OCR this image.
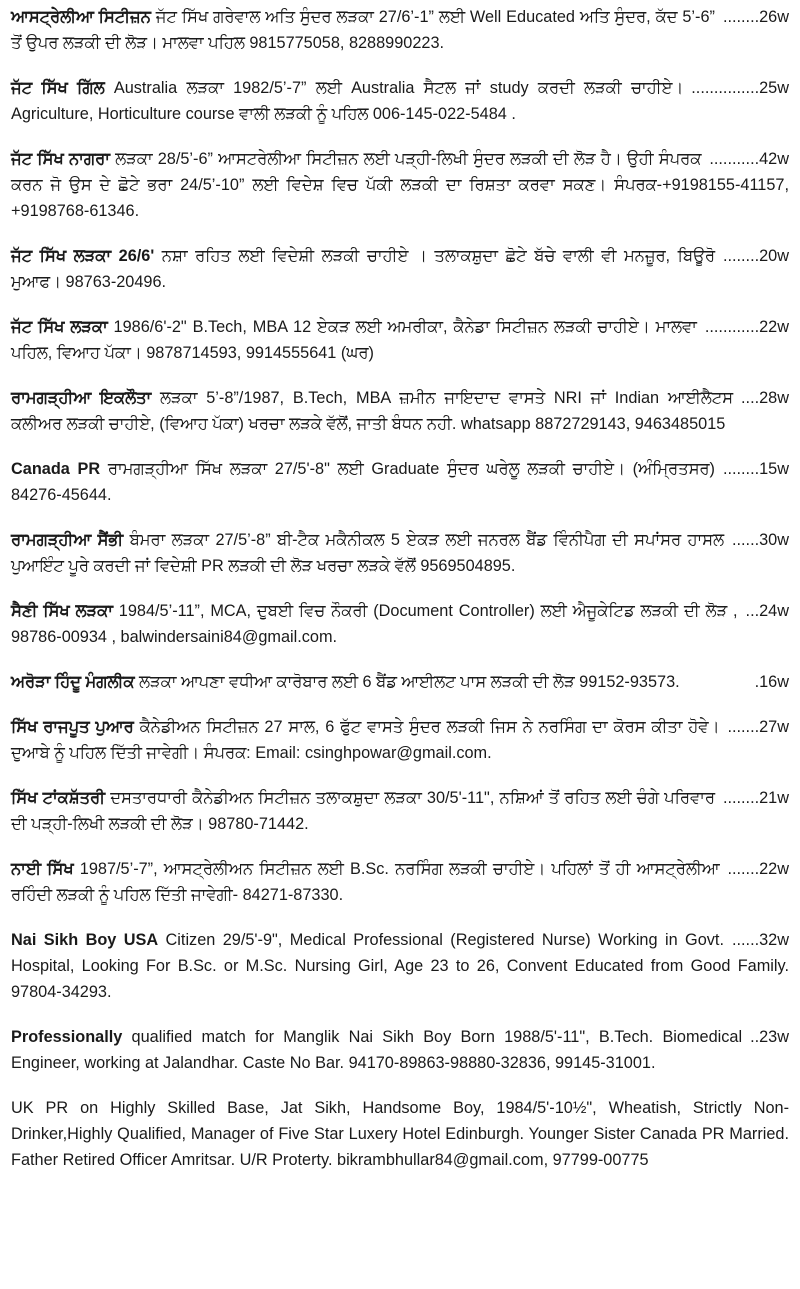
........26w
ਆਸਟ੍ਰੇਲੀਆ ਸਿਟੀਜ਼ਨ ਜੱਟ ਸਿੱਖ ਗਰੇਵਾਲ ਅਤਿ ਸੁੰਦਰ ਲੜਕਾ 27/6’-1” ਲਈ Well Educated ਅਤਿ ਸੁੰਦਰ, ਕੱਦ 5’-6” ਤੋਂ ਉਪਰ ਲੜਕੀ ਦੀ ਲੋੜ। ਮਾਲਵਾ ਪਹਿਲ 9815775058, 8288990223.
...............25w
ਜੱਟ ਸਿੱਖ ਗਿੱਲ Australia ਲੜਕਾ 1982/5’-7” ਲਈ Australia ਸੈਟਲ ਜਾਂ study ਕਰਦੀ ਲੜਕੀ ਚਾਹੀਏ। Agriculture, Horticulture course ਵਾਲੀ ਲੜਕੀ ਨੂੰ ਪਹਿਲ 006-145-022-5484 .
...........42w
ਜੱਟ ਸਿੱਖ ਨਾਗਰਾ ਲੜਕਾ 28/5’-6” ਆਸਟਰੇਲੀਆ ਸਿਟੀਜ਼ਨ ਲਈ ਪੜ੍ਹੀ-ਲਿਖੀ ਸੁੰਦਰ ਲੜਕੀ ਦੀ ਲੋੜ ਹੈ। ਉਹੀ ਸੰਪਰਕ ਕਰਨ ਜੋ ਉਸ ਦੇ ਛੋਟੇ ਭਰਾ 24/5’-10” ਲਈ ਵਿਦੇਸ਼ ਵਿਚ ਪੱਕੀ ਲੜਕੀ ਦਾ ਰਿਸ਼ਤਾ ਕਰਵਾ ਸਕਣ। ਸੰਪਰਕ-+9198155-41157, +9198768-61346.
........20w
ਜੱਟ ਸਿੱਖ ਲੜਕਾ 26/6' ਨਸ਼ਾ ਰਹਿਤ ਲਈ ਵਿਦੇਸ਼ੀ ਲੜਕੀ ਚਾਹੀਏ । ਤਲਾਕਸ਼ੁਦਾ ਛੋਟੇ ਬੱਚੇ ਵਾਲੀ ਵੀ ਮਨਜ਼ੂਰ, ਬਿਊਰੋ ਮੁਆਫ। 98763-20496.
............22w
ਜੱਟ ਸਿੱਖ ਲੜਕਾ 1986/6'-2" B.Tech, MBA 12 ਏਕੜ ਲਈ ਅਮਰੀਕਾ, ਕੈਨੇਡਾ ਸਿਟੀਜ਼ਨ ਲੜਕੀ ਚਾਹੀਏ। ਮਾਲਵਾ ਪਹਿਲ, ਵਿਆਹ ਪੱਕਾ। 9878714593, 9914555641 (ਘਰ)
....28w
ਰਾਮਗੜ੍ਹੀਆ ਇਕਲੌਤਾ ਲੜਕਾ 5’-8”/1987, B.Tech, MBA ਜ਼ਮੀਨ ਜਾਇਦਾਦ ਵਾਸਤੇ NRI ਜਾਂ Indian ਆਈਲੈਟਸ ਕਲੀਅਰ ਲੜਕੀ ਚਾਹੀਏ, (ਵਿਆਹ ਪੱਕਾ) ਖਰਚਾ ਲੜਕੇ ਵੱਲੋਂ, ਜਾਤੀ ਬੰਧਨ ਨਹੀ. whatsapp 8872729143, 9463485015
........15w
Canada PR ਰਾਮਗੜ੍ਹੀਆ ਸਿੱਖ ਲੜਕਾ 27/5'-8" ਲਈ Graduate ਸੁੰਦਰ ਘਰੇਲੂ ਲੜਕੀ ਚਾਹੀਏ। (ਅੰਮ੍ਰਿਤਸਰ) 84276-45644.
......30w
ਰਾਮਗੜ੍ਹੀਆ ਸੈਂਭੀ ਬੰਮਰਾ ਲੜਕਾ 27/5’-8” ਬੀ-ਟੈਕ ਮਕੈਨੀਕਲ 5 ਏਕੜ ਲਈ ਜਨਰਲ ਬੈਂਡ ਵਿੰਨੀਪੈਗ ਦੀ ਸਪਾਂਸਰ ਹਾਸਲ ਪੁਆਇੰਟ ਪੂਰੇ ਕਰਦੀ ਜਾਂ ਵਿਦੇਸ਼ੀ PR ਲੜਕੀ ਦੀ ਲੋੜ ਖਰਚਾ ਲੜਕੇ ਵੱਲੋਂ 9569504895.
...24w
ਸੈਣੀ ਸਿੱਖ ਲੜਕਾ 1984/5’-11”, MCA, ਦੁਬਈ ਵਿਚ ਨੌਕਰੀ (Document Controller) ਲਈ ਐਜੂਕੇਟਿਡ ਲੜਕੀ ਦੀ ਲੋੜ , 98786-00934 , balwindersaini84@gmail.com.
.16w
ਅਰੋੜਾ ਹਿੰਦੂ ਮੰਗਲੀਕ ਲੜਕਾ ਆਪਣਾ ਵਧੀਆ ਕਾਰੋਬਾਰ ਲਈ 6 ਬੈਂਡ ਆਈਲਟ ਪਾਸ ਲੜਕੀ ਦੀ ਲੋੜ 99152-93573.
.......27w
ਸਿੱਖ ਰਾਜਪੂਤ ਪੁਆਰ ਕੈਨੇਡੀਅਨ ਸਿਟੀਜ਼ਨ 27 ਸਾਲ, 6 ਫੁੱਟ ਵਾਸਤੇ ਸੁੰਦਰ ਲੜਕੀ ਜਿਸ ਨੇ ਨਰਸਿੰਗ ਦਾ ਕੋਰਸ ਕੀਤਾ ਹੋਵੇ। ਦੁਆਬੇ ਨੂੰ ਪਹਿਲ ਦਿੱਤੀ ਜਾਵੇਗੀ। ਸੰਪਰਕ: Email: csinghpowar@gmail.com.
........21w
ਸਿੱਖ ਟਾਂਕਸ਼ੱਤਰੀ ਦਸਤਾਰਧਾਰੀ ਕੈਨੇਡੀਅਨ ਸਿਟੀਜ਼ਨ ਤਲਾਕਸ਼ੁਦਾ ਲੜਕਾ 30/5'-11", ਨਸ਼ਿਆਂ ਤੋਂ ਰਹਿਤ ਲਈ ਚੰਗੇ ਪਰਿਵਾਰ ਦੀ ਪੜ੍ਹੀ-ਲਿਖੀ ਲੜਕੀ ਦੀ ਲੋੜ। 98780-71442.
.......22w
ਨਾਈ ਸਿੱਖ 1987/5’-7”, ਆਸਟ੍ਰੇਲੀਅਨ ਸਿਟੀਜ਼ਨ ਲਈ B.Sc. ਨਰਸਿੰਗ ਲੜਕੀ ਚਾਹੀਏ। ਪਹਿਲਾਂ ਤੋਂ ਹੀ ਆਸਟ੍ਰੇਲੀਆ ਰਹਿੰਦੀ ਲੜਕੀ ਨੂੰ ਪਹਿਲ ਦਿੱਤੀ ਜਾਵੇਗੀ- 84271-87330.
......32w
Nai Sikh Boy USA Citizen 29/5'-9", Medical Professional (Registered Nurse) Working in Govt. Hospital, Looking For B.Sc. or M.Sc. Nursing Girl, Age 23 to 26, Convent Educated from Good Family. 97804-34293.
..23w
Professionally qualified match for Manglik Nai Sikh Boy Born 1988/5'-11", B.Tech. Biomedical Engineer, working at Jalandhar. Caste No Bar. 94170-89863-98880-32836, 99145-31001.
UK PR on Highly Skilled Base, Jat Sikh, Handsome Boy, 1984/5'-10½", Wheatish, Strictly Non-Drinker,Highly Qualified, Manager of Five Star Luxery Hotel Edinburgh. Younger Sister Canada PR Married. Father Retired Officer Amritsar. U/R Proterty. bikrambhullar84@gmail.com, 97799-00775
